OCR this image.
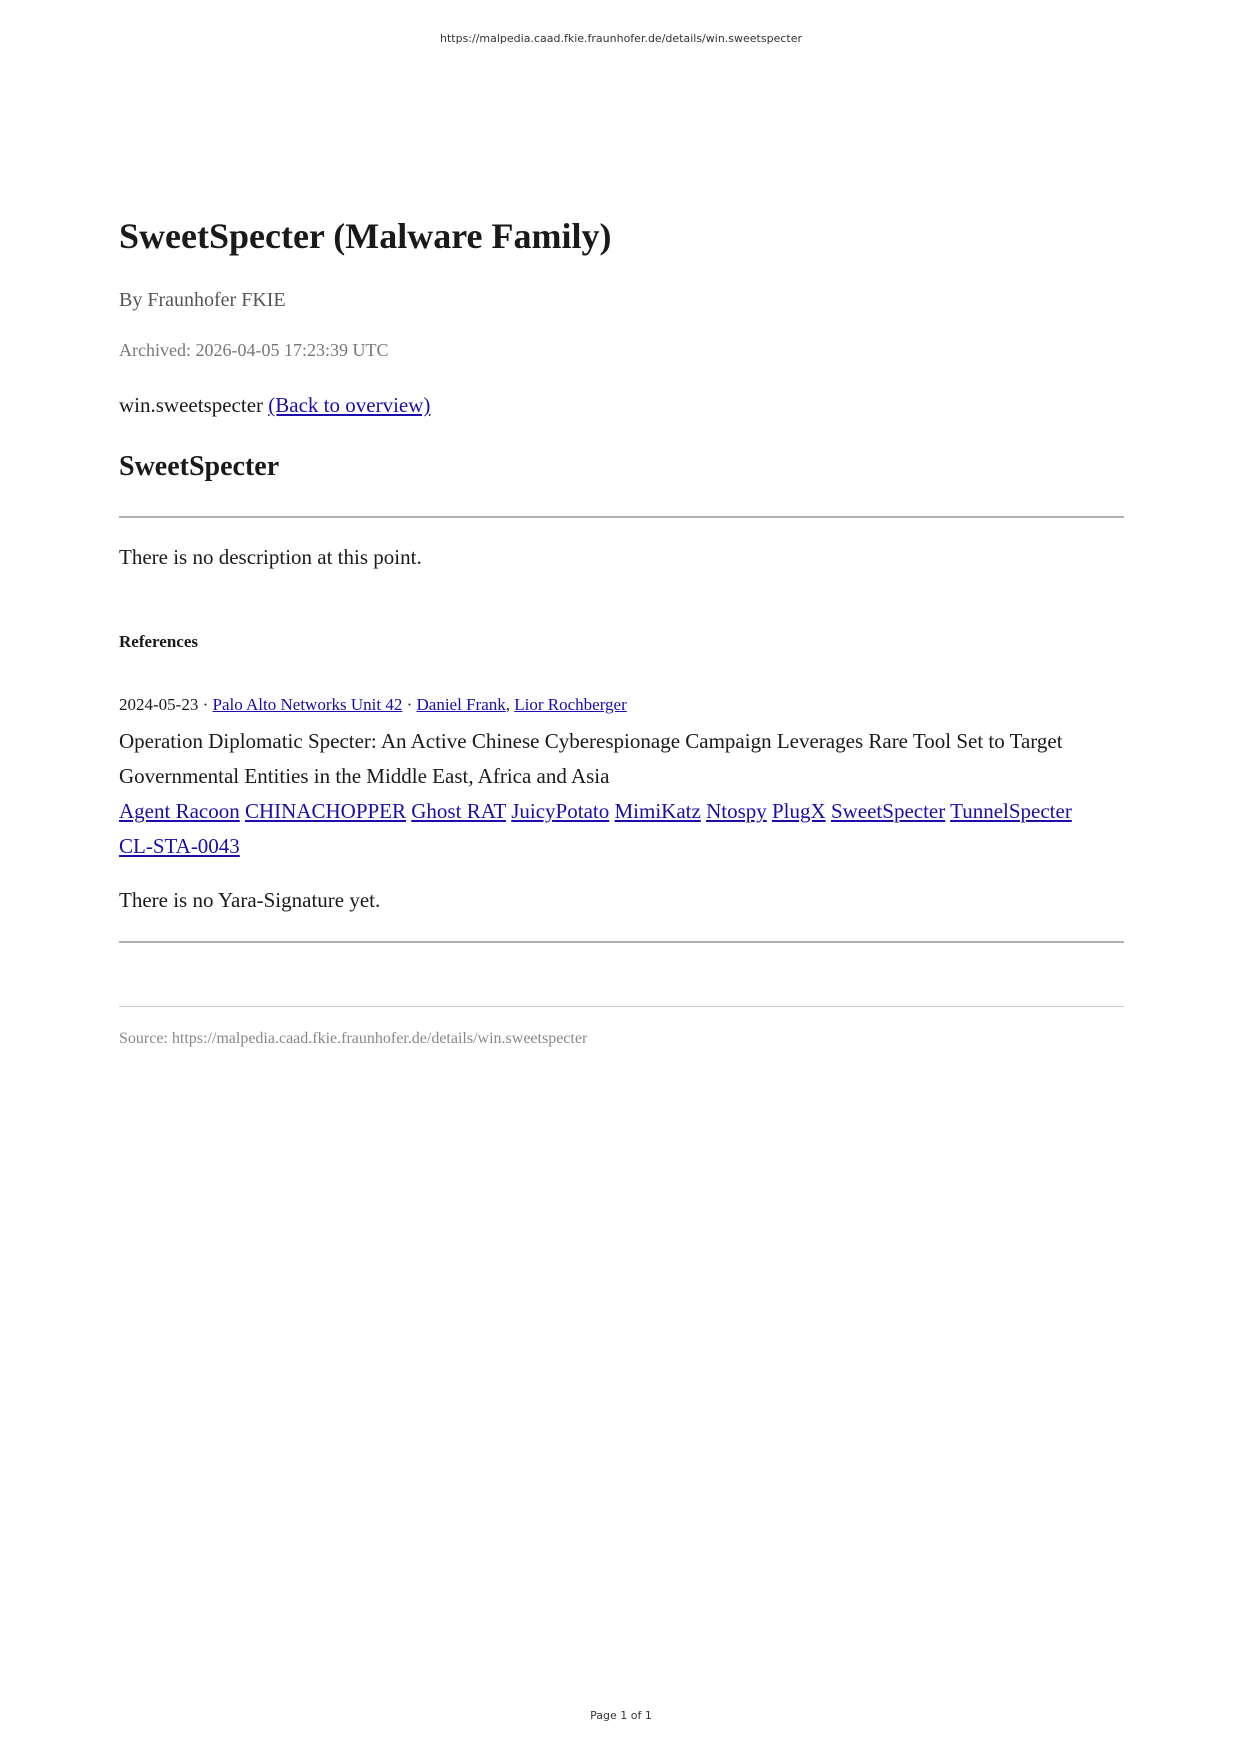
https://malpedia.caad.fkie.fraunhofer.de/details/win.sweetspecter
SweetSpecter (Malware Family)
By Fraunhofer FKIE
Archived: 2026-04-05 17:23:39 UTC
win.sweetspecter (Back to overview)
SweetSpecter
There is no description at this point.
References
2024-05-23 · Palo Alto Networks Unit 42 · Daniel Frank, Lior Rochberger
Operation Diplomatic Specter: An Active Chinese Cyberespionage Campaign Leverages Rare Tool Set to Target Governmental Entities in the Middle East, Africa and Asia
Agent Racoon CHINACHOPPER Ghost RAT JuicyPotato MimiKatz Ntospy PlugX SweetSpecter TunnelSpecter
CL-STA-0043
There is no Yara-Signature yet.
Source: https://malpedia.caad.fkie.fraunhofer.de/details/win.sweetspecter
Page 1 of 1
